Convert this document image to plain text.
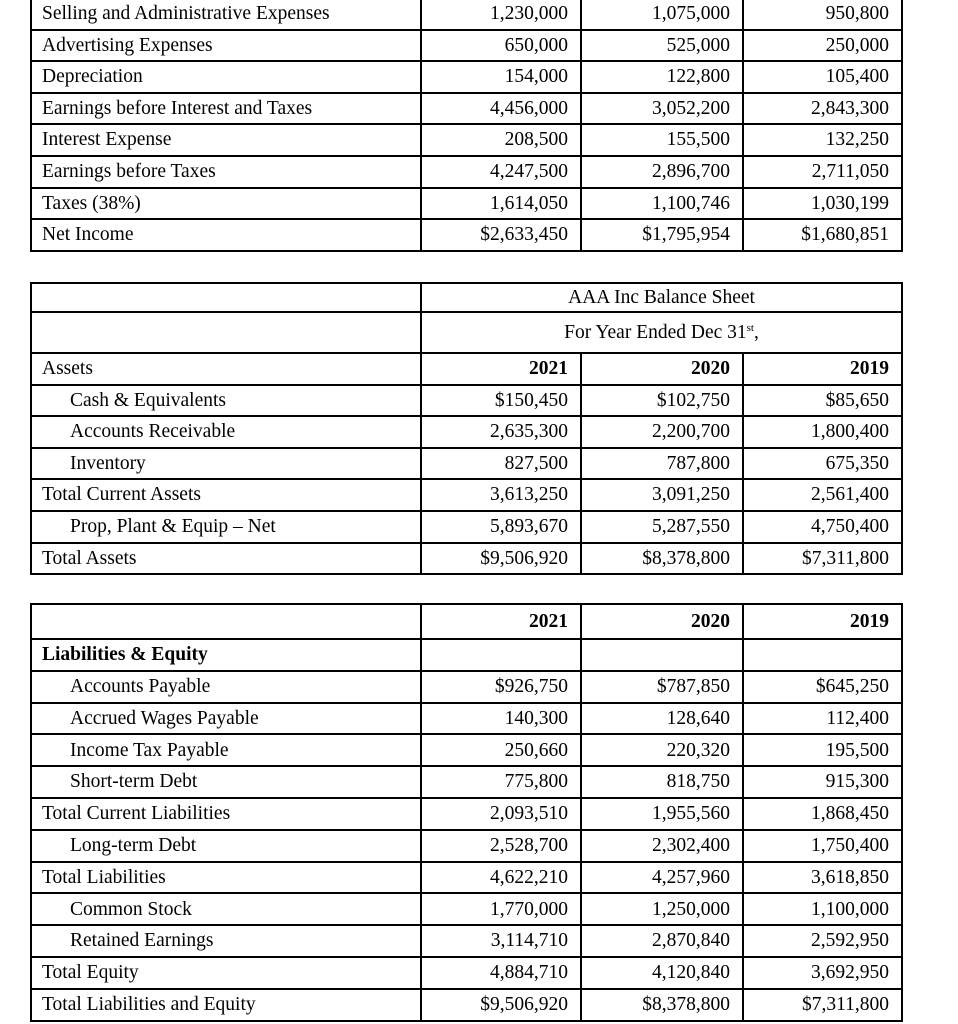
Selling and Administrative Expenses	1,230,000	1,075,000	950,800
Advertising Expenses	650,000	525,000	250,000
Depreciation	154,000	122,800	105,400
Earnings before Interest and Taxes	4,456,000	3,052,200	2,843,300
Interest Expense	208,500	155,500	132,250
Earnings before Taxes	4,247,500	2,896,700	2,711,050
Taxes (38%)	1,614,050	1,100,746	1,030,199
Net Income	$2,633,450	$1,795,954	$1,680,851
	AAA Inc Balance Sheet		
	For Year Ended Dec 31st,		
Assets	2021	2020	2019
Cash & Equivalents	$150,450	$102,750	$85,650
Accounts Receivable	2,635,300	2,200,700	1,800,400
Inventory	827,500	787,800	675,350
Total Current Assets	3,613,250	3,091,250	2,561,400
Prop, Plant & Equip – Net	5,893,670	5,287,550	4,750,400
Total Assets	$9,506,920	$8,378,800	$7,311,800
	2021	2020	2019
Liabilities & Equity			
Accounts Payable	$926,750	$787,850	$645,250
Accrued Wages Payable	140,300	128,640	112,400
Income Tax Payable	250,660	220,320	195,500
Short-term Debt	775,800	818,750	915,300
Total Current Liabilities	2,093,510	1,955,560	1,868,450
Long-term Debt	2,528,700	2,302,400	1,750,400
Total Liabilities	4,622,210	4,257,960	3,618,850
Common Stock	1,770,000	1,250,000	1,100,000
Retained Earnings	3,114,710	2,870,840	2,592,950
Total Equity	4,884,710	4,120,840	3,692,950
Total Liabilities and Equity	$9,506,920	$8,378,800	$7,311,800
